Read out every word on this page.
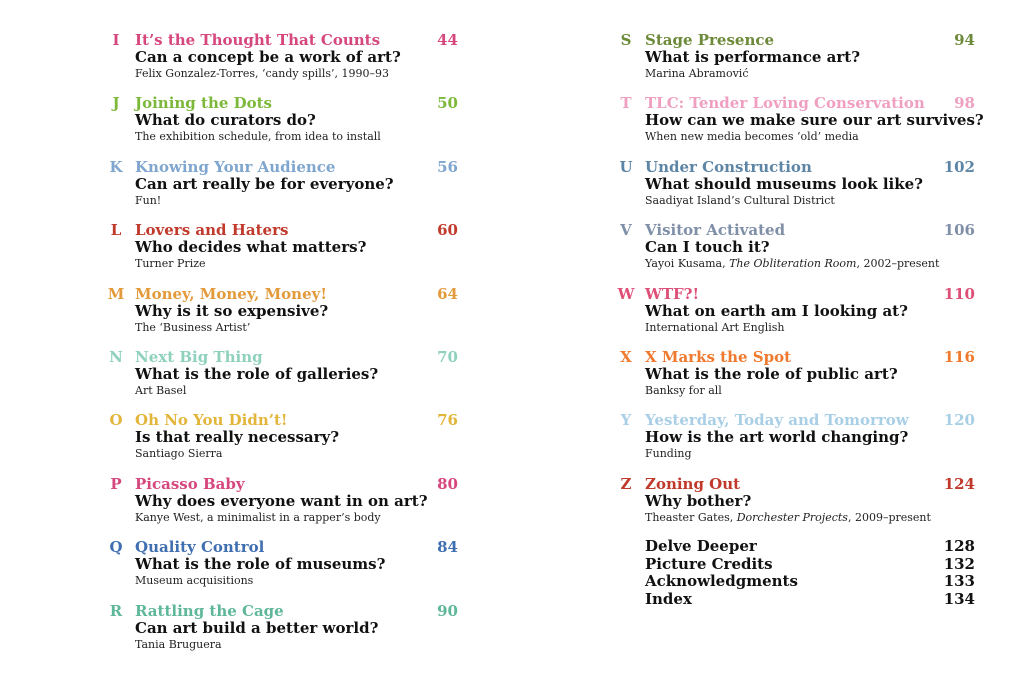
I	It’s the Thought That Counts	44
Can a concept be a work of art?
Felix Gonzalez-Torres, ‘candy spills’, 1990–93
J	Joining the Dots	50
What do curators do?
The exhibition schedule, from idea to install
K Knowing Your Audience	56
Can art really be for everyone?
Fun!
L Lovers and Haters	60
Who decides what matters?
Turner Prize
M Money, Money, Money!	64
Why is it so expensive?
The ‘Business Artist’
N Next Big Thing	70
What is the role of galleries?
Art Basel
O Oh No You Didn’t!	76
Is that really necessary?
Santiago Sierra
P Picasso Baby	80
Why does everyone want in on art?
Kanye West, a minimalist in a rapper’s body
Q Quality Control	84
What is the role of museums?
Museum acquisitions
R Rattling the Cage	90
Can art build a better world?
Tania Bruguera
Delve Deeper	128
Picture Credits	132
Acknowledgments	133
Index	134
S Stage Presence	94
What is performance art?
Marina Abramović
T TLC: Tender Loving Conservation	98
How can we make sure our art survives?
When new media becomes ‘old’ media
U Under Construction	102
What should museums look like?
Saadiyat Island’s Cultural District
V Visitor Activated	106
Can I touch it?
Yayoi Kusama, The Obliteration Room, 2002–present
W WTF?!	110
What on earth am I looking at?
International Art English
X X Marks the Spot	116
What is the role of public art?
Banksy for all
Y Yesterday, Today and Tomorrow	120
How is the art world changing?
Funding
Z Zoning Out	124
Why bother?
Theaster Gates, Dorchester Projects, 2009–present
